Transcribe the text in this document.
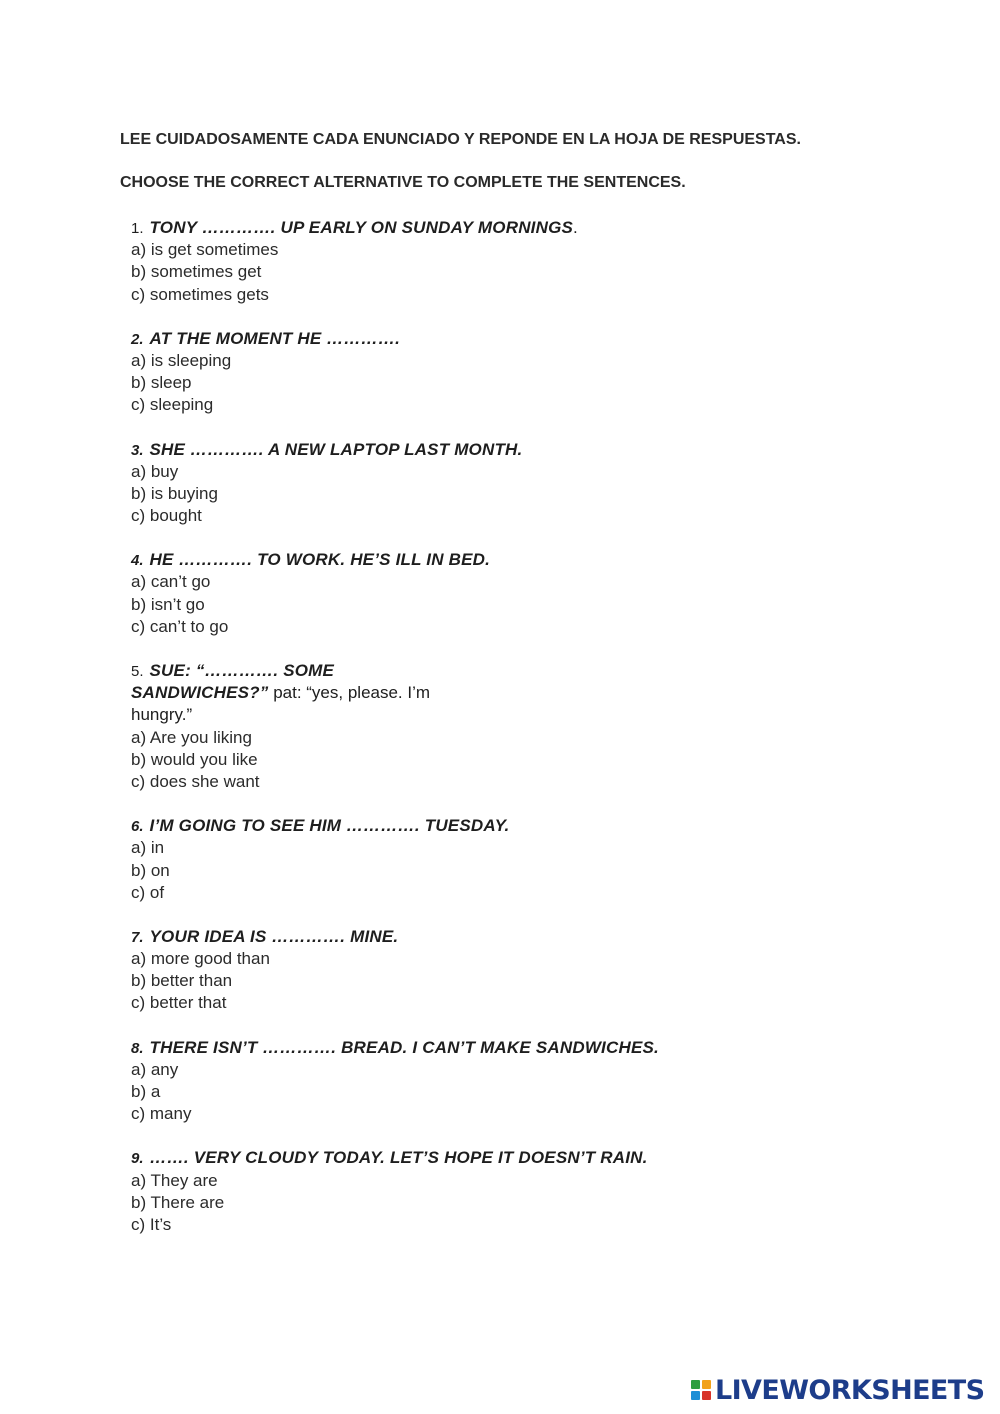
LEE CUIDADOSAMENTE CADA ENUNCIADO Y REPONDE EN LA HOJA DE RESPUESTAS.

CHOOSE THE CORRECT ALTERNATIVE TO COMPLETE THE SENTENCES.

1. TONY …………. UP EARLY ON SUNDAY MORNINGS.
a) is get sometimes
b) sometimes get
c) sometimes gets
2. AT THE MOMENT HE ………….
a) is sleeping
b) sleep
c) sleeping
3. SHE …………. A NEW LAPTOP LAST MONTH.
a) buy
b) is buying
c) bought
4. HE …………. TO WORK. HE’S ILL IN BED.
a) can’t go
b) isn’t go
c) can’t to go
5. SUE: “…………. SOME
SANDWICHES?” pat: “yes, please. I’m
hungry.”
a) Are you liking
b) would you like
c) does she want
6. I’M GOING TO SEE HIM …………. TUESDAY.
a) in
b) on
c) of
7. YOUR IDEA IS …………. MINE.
a) more good than
b) better than
c) better that
8. THERE ISN’T …………. BREAD. I CAN’T MAKE SANDWICHES.
a) any
b) a
c) many
9. ……. VERY CLOUDY TODAY. LET’S HOPE IT DOESN’T RAIN.
a) They are
b) There are
c) It’s
LIVEWORKSHEETS
